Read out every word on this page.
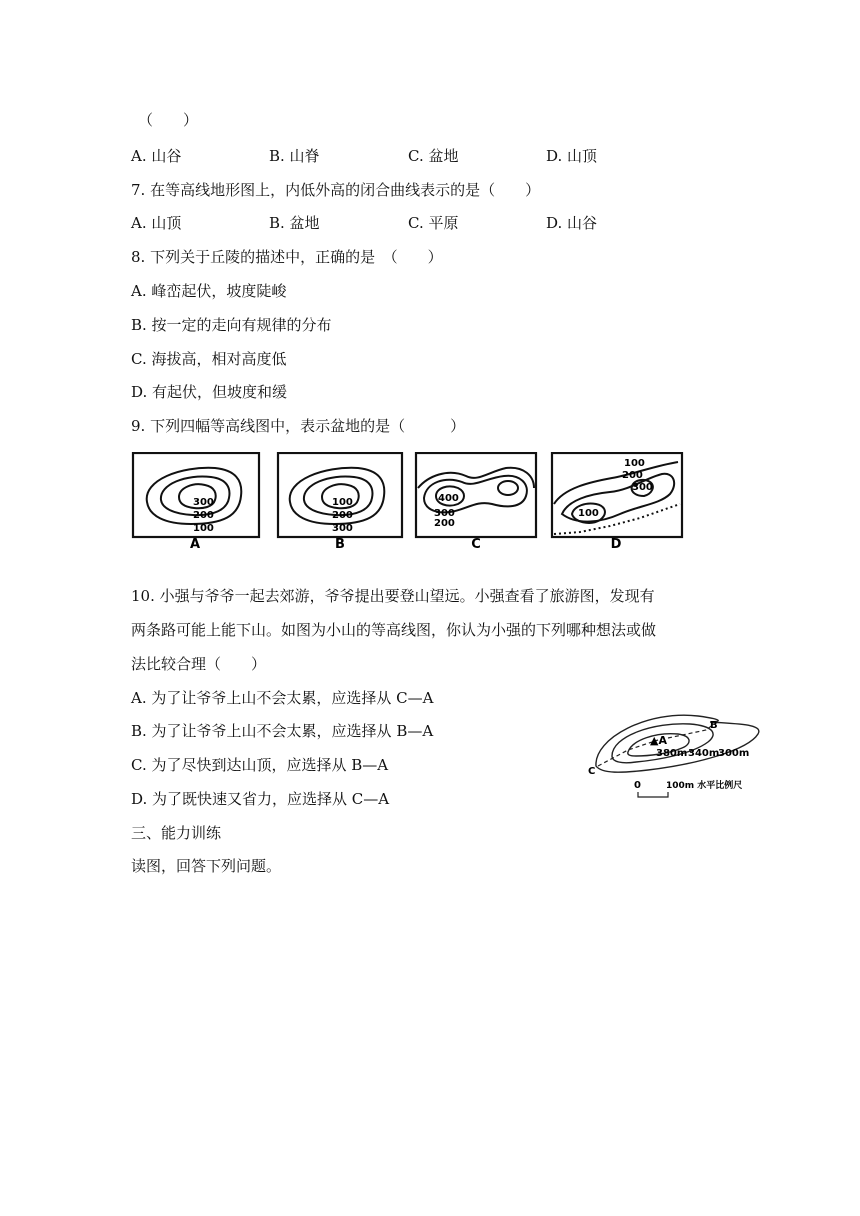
（　　）
A. 山谷	B. 山脊	C. 盆地	D. 山顶
7. 在等高线地形图上，内低外高的闭合曲线表示的是（　　）
A. 山顶	B. 盆地	C. 平原	D. 山谷
8. 下列关于丘陵的描述中，正确的是　（　　）
A. 峰峦起伏，坡度陡峻
B. 按一定的走向有规律的分布
C. 海拔高，相对高度低
D. 有起伏，但坡度和缓
9. 下列四幅等高线图中，表示盆地的是（　　　）
300
200
100
A
100
200
300
B
400
300
200
C
100
200
300
100
D
10. 小强与爷爷一起去郊游，爷爷提出要登山望远。小强查看了旅游图，发现有
两条路可能上能下山。如图为小山的等高线图，你认为小强的下列哪种想法或做
法比较合理（　　）
A. 为了让爷爷上山不会太累，应选择从 C—A
B. 为了让爷爷上山不会太累，应选择从 B—A
C. 为了尽快到达山顶，应选择从 B—A
D. 为了既快速又省力，应选择从 C—A
▲A
380m 340m
300m
B
C
0	100m 水平比例尺
三、能力训练
读图，回答下列问题。
